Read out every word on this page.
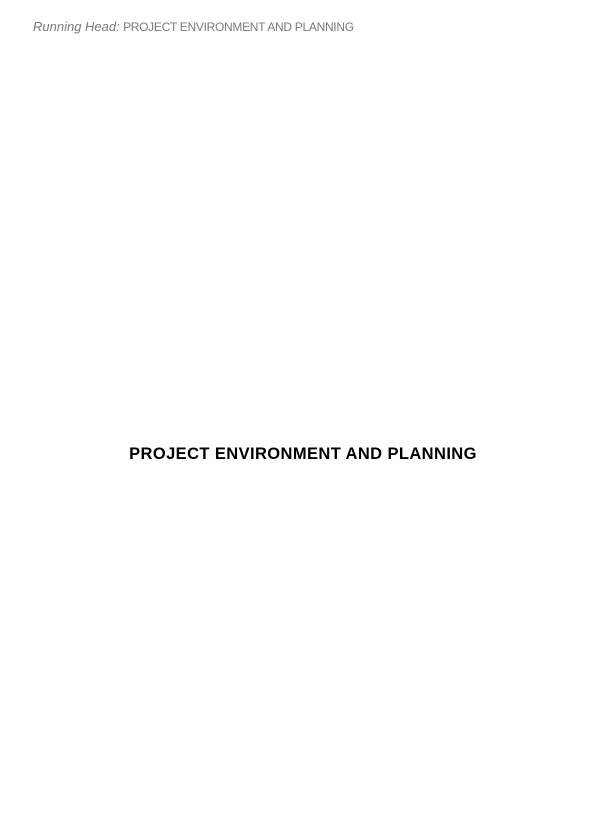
Running Head: PROJECT ENVIRONMENT AND PLANNING
PROJECT ENVIRONMENT AND PLANNING
